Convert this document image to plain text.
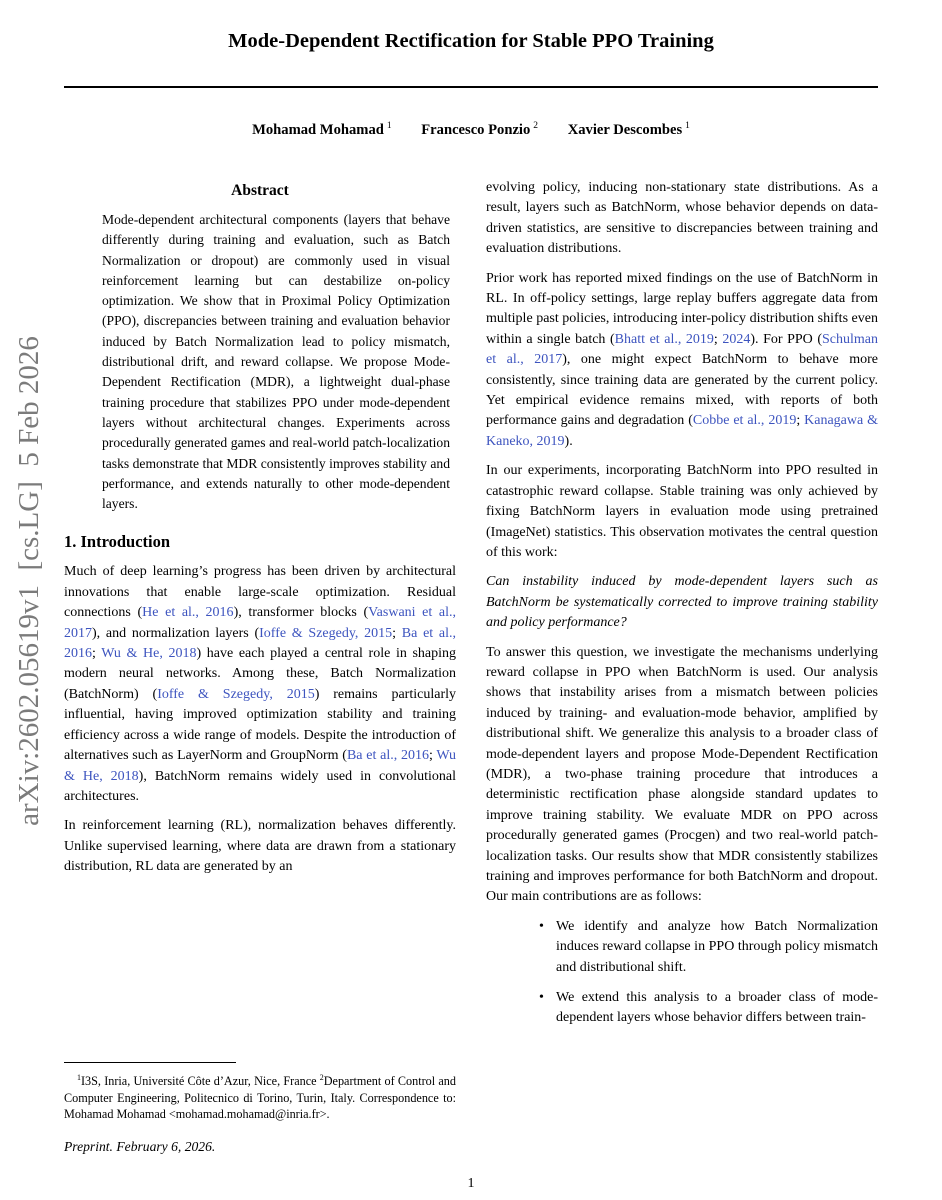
arXiv:2602.05619v1  [cs.LG]  5 Feb 2026
Mode-Dependent Rectification for Stable PPO Training
Mohamad Mohamad $^1$ Francesco Ponzio $^2$ Xavier Descombes $^1$
Abstract

Mode-dependent architectural components (layers that behave differently during training and evaluation, such as Batch Normalization or dropout) are commonly used in visual reinforcement learning but can destabilize on-policy optimization. We show that in Proximal Policy Optimization (PPO), discrepancies between training and evaluation behavior induced by Batch Normalization lead to policy mismatch, distributional drift, and reward collapse. We propose Mode-Dependent Rectification (MDR), a lightweight dual-phase training procedure that stabilizes PPO under mode-dependent layers without architectural changes. Experiments across procedurally generated games and real-world patch-localization tasks demonstrate that MDR consistently improves stability and performance, and extends naturally to other mode-dependent layers.

1. Introduction

Much of deep learning’s progress has been driven by architectural innovations that enable large-scale optimization. Residual connections (He et al., 2016), transformer blocks (Vaswani et al., 2017), and normalization layers (Ioffe & Szegedy, 2015; Ba et al., 2016; Wu & He, 2018) have each played a central role in shaping modern neural networks. Among these, Batch Normalization (BatchNorm) (Ioffe & Szegedy, 2015) remains particularly influential, having improved optimization stability and training efficiency across a wide range of models. Despite the introduction of alternatives such as LayerNorm and GroupNorm (Ba et al., 2016; Wu & He, 2018), BatchNorm remains widely used in convolutional architectures.

In reinforcement learning (RL), normalization behaves differently. Unlike supervised learning, where data are drawn from a stationary distribution, RL data are generated by an

evolving policy, inducing non-stationary state distributions. As a result, layers such as BatchNorm, whose behavior depends on data-driven statistics, are sensitive to discrepancies between training and evaluation distributions.

Prior work has reported mixed findings on the use of BatchNorm in RL. In off-policy settings, large replay buffers aggregate data from multiple past policies, introducing inter-policy distribution shifts even within a single batch (Bhatt et al., 2019; 2024). For PPO (Schulman et al., 2017), one might expect BatchNorm to behave more consistently, since training data are generated by the current policy. Yet empirical evidence remains mixed, with reports of both performance gains and degradation (Cobbe et al., 2019; Kanagawa & Kaneko, 2019).

In our experiments, incorporating BatchNorm into PPO resulted in catastrophic reward collapse. Stable training was only achieved by fixing BatchNorm layers in evaluation mode using pretrained (ImageNet) statistics. This observation motivates the central question of this work:

Can instability induced by mode-dependent layers such as BatchNorm be systematically corrected to improve training stability and policy performance?

To answer this question, we investigate the mechanisms underlying reward collapse in PPO when BatchNorm is used. Our analysis shows that instability arises from a mismatch between policies induced by training- and evaluation-mode behavior, amplified by distributional shift. We generalize this analysis to a broader class of mode-dependent layers and propose Mode-Dependent Rectification (MDR), a two-phase training procedure that introduces a deterministic rectification phase alongside standard updates to improve training stability. We evaluate MDR on PPO across procedurally generated games (Procgen) and two real-world patch-localization tasks. Our results show that MDR consistently stabilizes training and improves performance for both BatchNorm and dropout. Our main contributions are as follows:

• We identify and analyze how Batch Normalization induces reward collapse in PPO through policy mismatch and distributional shift.
• We extend this analysis to a broader class of mode-dependent layers whose behavior differs between train-

$^1$I3S, Inria, Université Côte d’Azur, Nice, France $^2$Department of Control and Computer Engineering, Politecnico di Torino, Turin, Italy. Correspondence to: Mohamad Mohamad <mohamad.mohamad@inria.fr>.

Preprint. February 6, 2026.

1
